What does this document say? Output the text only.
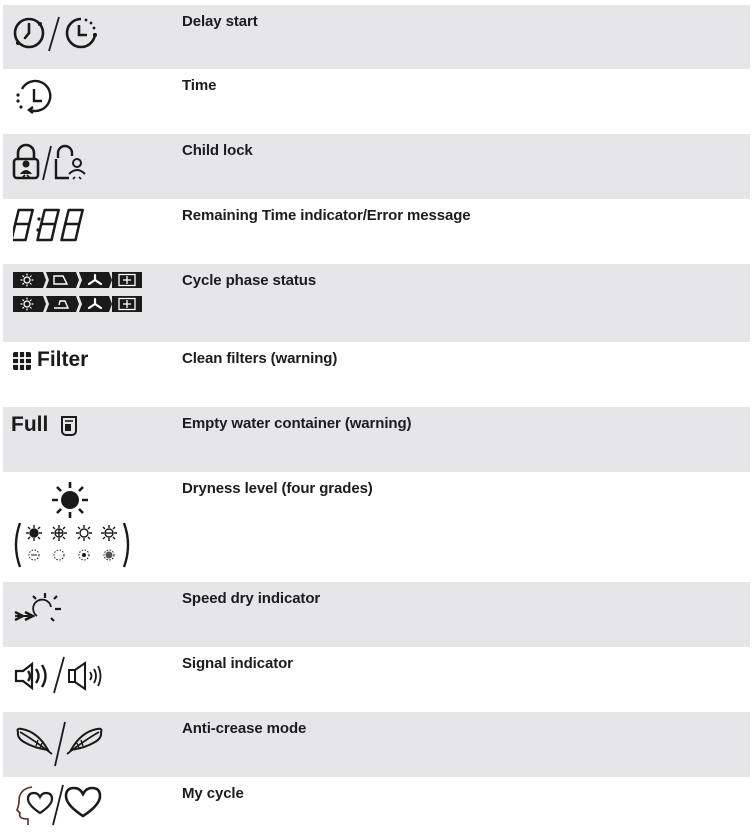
Delay start
Time
Child lock
Remaining Time indicator/Error message
Cycle phase status
Filter	Clean filters (warning)
Full	Empty water container (warning)
Dryness level (four grades)
Speed dry indicator
Signal indicator
Anti-crease mode
My cycle
